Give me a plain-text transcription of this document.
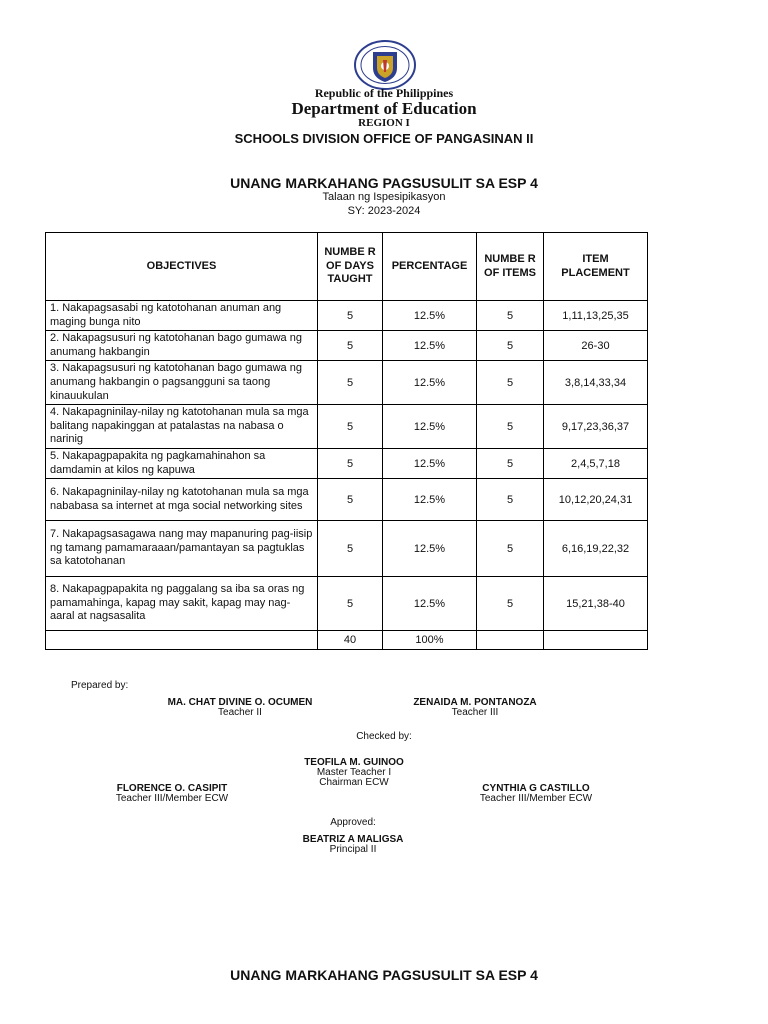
Republic of the Philippines
Department of Education
REGION I
SCHOOLS DIVISION OFFICE OF PANGASINAN II
UNANG MARKAHANG PAGSUSULIT SA ESP 4
Talaan ng Ispesipikasyon
SY: 2023-2024
OBJECTIVES	NUMBE R OF DAYS TAUGHT	PERCENTAGE	NUMBE R OF ITEMS	ITEM PLACEMENT
1. Nakapagsasabi ng katotohanan anuman ang maging bunga nito	5	12.5%	5	1,11,13,25,35
2. Nakapagsusuri ng katotohanan bago gumawa ng anumang hakbangin	5	12.5%	5	26-30
3. Nakapagsusuri ng katotohanan bago gumawa ng anumang hakbangin o pagsangguni sa taong kinauukulan	5	12.5%	5	3,8,14,33,34
4. Nakapagninilay-nilay ng katotohanan mula sa mga balitang napakinggan at patalastas na nabasa o narinig	5	12.5%	5	9,17,23,36,37
5. Nakapagpapakita ng pagkamahinahon sa damdamin at kilos ng kapuwa	5	12.5%	5	2,4,5,7,18
6. Nakapagninilay-nilay ng katotohanan mula sa mga nababasa sa internet at mga social networking sites	5	12.5%	5	10,12,20,24,31
7. Nakapagsasagawa nang may mapanuring pag-iisip ng tamang pamamaraaan/pamantayan sa pagtuklas sa katotohanan	5	12.5%	5	6,16,19,22,32
8. Nakapagpapakita ng paggalang sa iba sa oras ng pamamahinga, kapag may sakit, kapag may nag-aaral at nagsasalita	5	12.5%	5	15,21,38-40
	40	100%		
Prepared by:
MA. CHAT DIVINE O. OCUMEN
Teacher II
ZENAIDA M. PONTANOZA
Teacher III
Checked by:
TEOFILA M. GUINOO
Master Teacher I
Chairman ECW
FLORENCE O. CASIPIT
Teacher III/Member ECW
CYNTHIA G CASTILLO
Teacher III/Member ECW
Approved:
BEATRIZ A MALIGSA
Principal II
UNANG MARKAHANG PAGSUSULIT SA ESP 4
